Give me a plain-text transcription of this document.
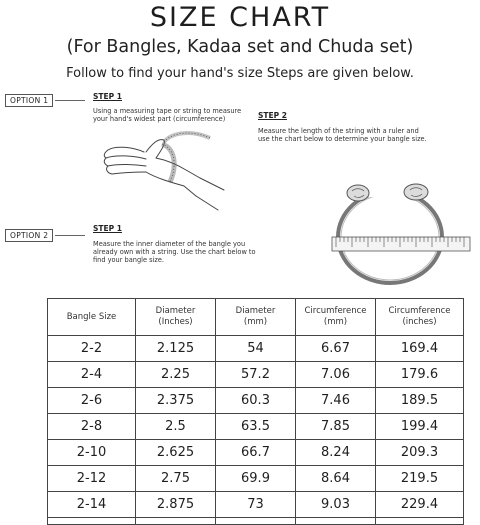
SIZE CHART
(For Bangles, Kadaa set and Chuda set)
Follow to find your hand's size Steps are given below.
OPTION 1	STEP 1
Using a measuring tape or string to measure your hand's widest part (circumference)	STEP 2
Measure the length of the string with a ruler and use the chart below to determine your bangle size.
OPTION 2
STEP 1
Measure the inner diameter of the bangle you already own with a string. Use the chart below to find your bangle size.
Bangle Size	Diameter (Inches)	Diameter (mm)	Circumference (mm)	Circumference (inches)

2-2	2.125	54	6.67	169.4
2-4	2.25	57.2	7.06	179.6
2-6	2.375	60.3	7.46	189.5
2-8	2.5	63.5	7.85	199.4
2-10	2.625	66.7	8.24	209.3
2-12	2.75	69.9	8.64	219.5
2-14	2.875	73	9.03	229.4
